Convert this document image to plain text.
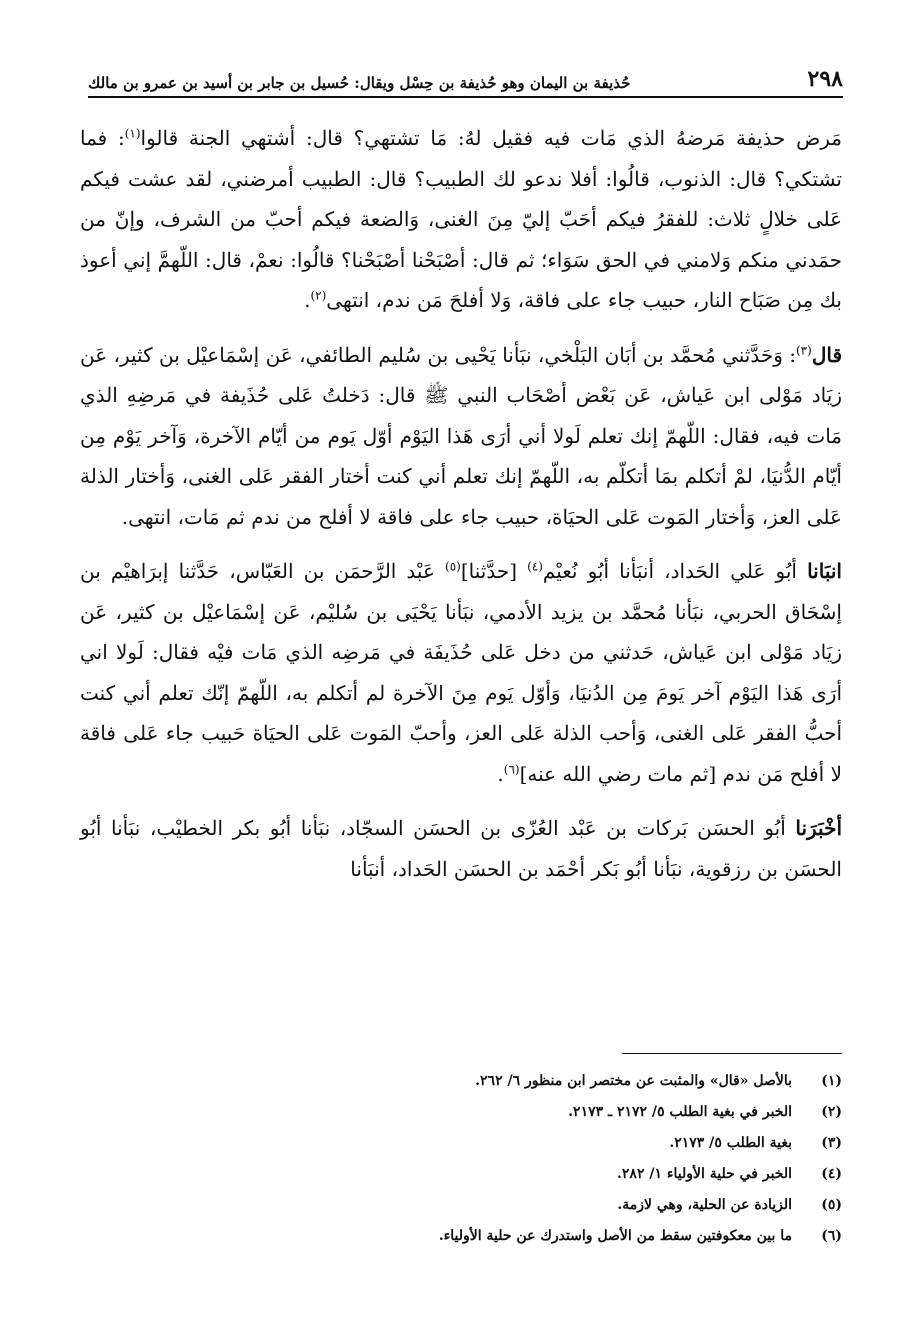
٢٩٨
حُذيفة بن اليمان وهو حُذيفة بن حِسْل ويقال: حُسيل بن جابر بن أسيد بن عمرو بن مالك

مَرض حذيفة مَرضهُ الذي مَات فيه فقيل لهُ: مَا تشتهي؟ قال: أشتهي الجنة قالوا$^{(١)}$: فما تشتكي؟ قال: الذنوب، قالُوا: أفلا ندعو لك الطبيب؟ قال: الطبيب أمرضني، لقد عشت فيكم عَلى خلالٍ ثلاث: للفقرُ فيكم أحَبّ إليّ مِنَ الغنى، وَالضعة فيكم أحبّ من الشرف، وإنّ من حمَدني منكم وَلامني في الحق سَوَاء؛ ثم قال: أصْبَحْنا أصْبَحْنا؟ قالُوا: نعمْ، قال: اللّهمَّ إني أعوذ بك مِن صَبَاح النار، حبيب جاء على فاقة، وَلا أفلحَ مَن ندم، انتهى$^{(٢)}$.

قال$^{(٣)}$: وَحَدَّثني مُحمَّد بن أبَان البَلْخي، نبَأنا يَحْيى بن سُليم الطائفي، عَن إسْمَاعيْل بن كثير، عَن زيَاد مَوْلى ابن عَياش، عَن بَعْض أصْحَاب النبي ﷺ قال: دَخلتُ عَلى حُذَيفة في مَرضِهِ الذي مَات فيه، فقال: اللّهمّ إنك تعلم لَولا أني أرَى هَذا اليَوْم أوّل يَوم من أيّام الآخرة، وَآخر يَوْم مِن أيّام الدُّنيَا، لمْ أتكلم بمَا أتكلّم به، اللّهمّ إنك تعلم أني كنت أختار الفقر عَلى الغنى، وَأختار الذلة عَلى العز، وَأختار المَوت عَلى الحيَاة، حبيب جاء على فاقة لا أفلح من ندم ثم مَات، انتهى.

انبَانا أبُو عَلي الحَداد، أنبَأنا أبُو نُعيْم$^{(٤)}$ [حدَّثنا]$^{(٥)}$ عَبْد الرَّحمَن بن العَبّاس، حَدَّثنا إبرَاهيْم بن إسْحَاق الحربي، نبَأنا مُحمَّد بن يزيد الأدمي، نبَأنا يَحْيَى بن سُليْم، عَن إسْمَاعيْل بن كثير، عَن زيَاد مَوْلى ابن عَياش، حَدثني من دخل عَلى حُذَيفَة في مَرضِه الذي مَات فيْه فقال: لَولا اني أرَى هَذا اليَوْم آخر يَومَ مِن الدُنيَا، وَأوّل يَوم مِنَ الآخرة لم أتكلم به، اللّهمّ إنّك تعلم أني كنت أحبُّ الفقر عَلى الغنى، وَأحب الذلة عَلى العز، وأحبّ المَوت عَلى الحيَاة حَبيب جاء عَلى فاقة لا أفلح مَن ندم [ثم مات رضي الله عنه]$^{(٦)}$.

أخْبَرَنا أبُو الحسَن بَركات بن عَبْد العُزّى بن الحسَن السجّاد، نبَأنا أبُو بكر الخطيْب، نبَأنا أبُو الحسَن بن رزقوية، نبَأنا أبُو بَكر أحْمَد بن الحسَن الحَداد، أنبَأنا

(١)
بالأصل «قال» والمثبت عن مختصر ابن منظور ٦/ ٢٦٢.
(٢)
الخبر في بغية الطلب ٥/ ٢١٧٢ ـ ٢١٧٣.
(٣)
بغية الطلب ٥/ ٢١٧٣.
(٤)
الخبر في حلية الأولياء ١/ ٢٨٢.
(٥)
الزيادة عن الحلية، وهي لازمة.
(٦)
ما بين معكوفتين سقط من الأصل واستدرك عن حلية الأولياء.
